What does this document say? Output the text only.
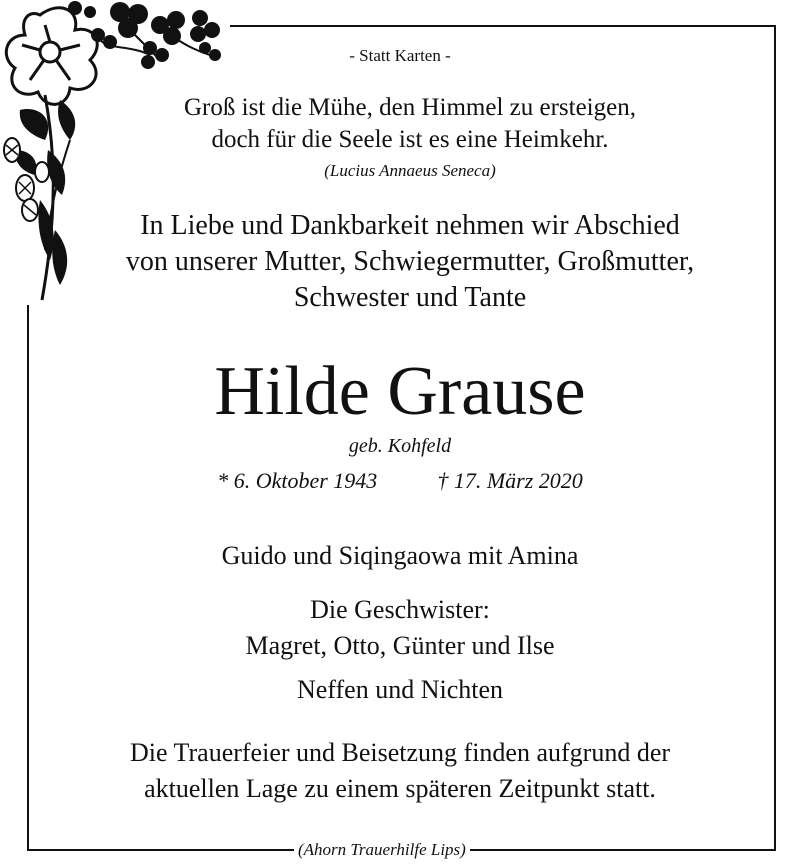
- Statt Karten -
Groß ist die Mühe, den Himmel zu ersteigen,
doch für die Seele ist es eine Heimkehr.
(Lucius Annaeus Seneca)
In Liebe und Dankbarkeit nehmen wir Abschied
von unserer Mutter, Schwiegermutter, Großmutter,
Schwester und Tante
Hilde Grause
geb. Kohfeld
* 6. Oktober 1943	† 17. März 2020
Guido und Siqingaowa mit Amina
Die Geschwister:
Magret, Otto, Günter und Ilse
Neffen und Nichten
Die Trauerfeier und Beisetzung finden aufgrund der
aktuellen Lage zu einem späteren Zeitpunkt statt.
(Ahorn Trauerhilfe Lips)
